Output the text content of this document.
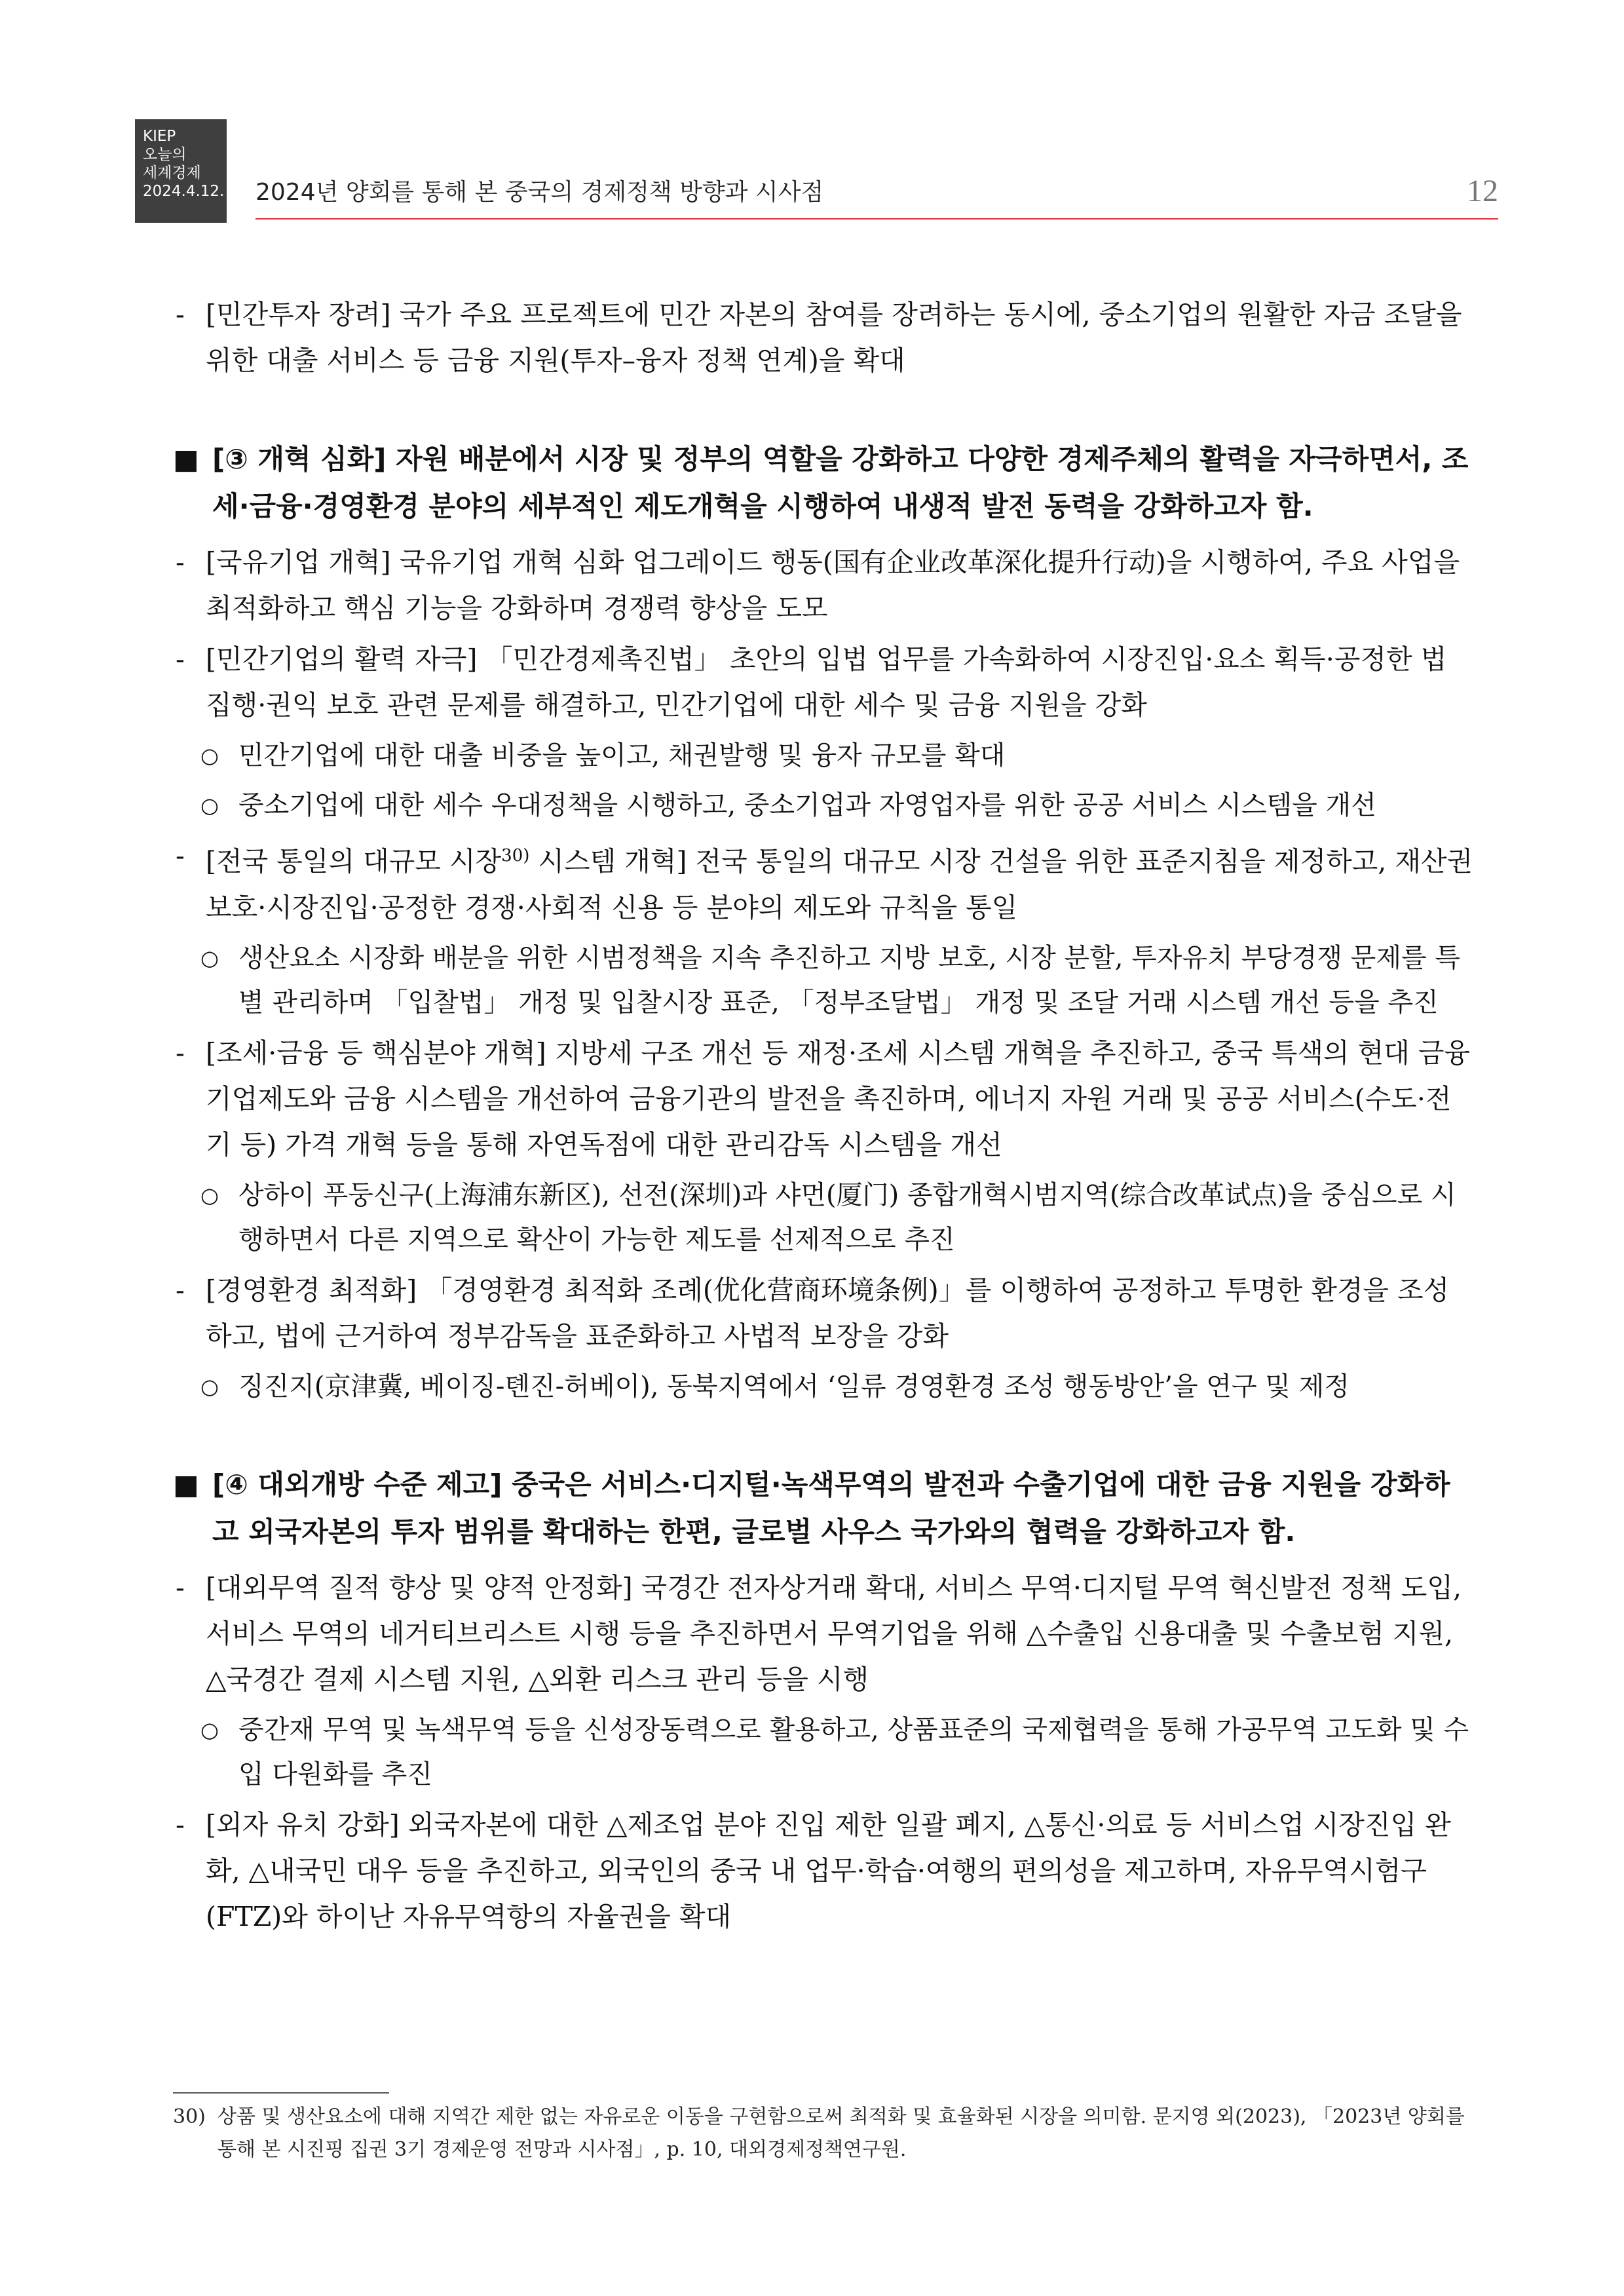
KIEP
오늘의
세계경제
2024.4.12. 2024년 양회를 통해 본 중국의 경제정책 방향과 시사점	12
- [민간투자 장려] 국가 주요 프로젝트에 민간 자본의 참여를 장려하는 동시에, 중소기업의 원활한 자금 조달을 위한 대출 서비스 등 금융 지원(투자–융자 정책 연계)을 확대
■ [③ 개혁 심화] 자원 배분에서 시장 및 정부의 역할을 강화하고 다양한 경제주체의 활력을 자극하면서, 조세·금융·경영환경 분야의 세부적인 제도개혁을 시행하여 내생적 발전 동력을 강화하고자 함.
- [국유기업 개혁] 국유기업 개혁 심화 업그레이드 행동(国有企业改革深化提升行动)을 시행하여, 주요 사업을 최적화하고 핵심 기능을 강화하며 경쟁력 향상을 도모
- [민간기업의 활력 자극] 「민간경제촉진법」 초안의 입법 업무를 가속화하여 시장진입·요소 획득·공정한 법 집행·권익 보호 관련 문제를 해결하고, 민간기업에 대한 세수 및 금융 지원을 강화
○ 민간기업에 대한 대출 비중을 높이고, 채권발행 및 융자 규모를 확대
○ 중소기업에 대한 세수 우대정책을 시행하고, 중소기업과 자영업자를 위한 공공 서비스 시스템을 개선
- [전국 통일의 대규모 시장$^{30)}$ 시스템 개혁] 전국 통일의 대규모 시장 건설을 위한 표준지침을 제정하고, 재산권 보호·시장진입·공정한 경쟁·사회적 신용 등 분야의 제도와 규칙을 통일
○ 생산요소 시장화 배분을 위한 시범정책을 지속 추진하고 지방 보호, 시장 분할, 투자유치 부당경쟁 문제를 특별 관리하며 「입찰법」 개정 및 입찰시장 표준, 「정부조달법」 개정 및 조달 거래 시스템 개선 등을 추진
- [조세·금융 등 핵심분야 개혁] 지방세 구조 개선 등 재정·조세 시스템 개혁을 추진하고, 중국 특색의 현대 금융기업제도와 금융 시스템을 개선하여 금융기관의 발전을 촉진하며, 에너지 자원 거래 및 공공 서비스(수도·전기 등) 가격 개혁 등을 통해 자연독점에 대한 관리감독 시스템을 개선
○ 상하이 푸둥신구(上海浦东新区), 선전(深圳)과 샤먼(厦门) 종합개혁시범지역(综合改革试点)을 중심으로 시행하면서 다른 지역으로 확산이 가능한 제도를 선제적으로 추진
- [경영환경 최적화] 「경영환경 최적화 조례(优化营商环境条例)」를 이행하여 공정하고 투명한 환경을 조성하고, 법에 근거하여 정부감독을 표준화하고 사법적 보장을 강화
○ 징진지(京津冀, 베이징-톈진-허베이), 동북지역에서 ‘일류 경영환경 조성 행동방안’을 연구 및 제정
■ [④ 대외개방 수준 제고] 중국은 서비스·디지털·녹색무역의 발전과 수출기업에 대한 금융 지원을 강화하고 외국자본의 투자 범위를 확대하는 한편, 글로벌 사우스 국가와의 협력을 강화하고자 함.
- [대외무역 질적 향상 및 양적 안정화] 국경간 전자상거래 확대, 서비스 무역·디지털 무역 혁신발전 정책 도입, 서비스 무역의 네거티브리스트 시행 등을 추진하면서 무역기업을 위해 △수출입 신용대출 및 수출보험 지원, △국경간 결제 시스템 지원, △외환 리스크 관리 등을 시행
○ 중간재 무역 및 녹색무역 등을 신성장동력으로 활용하고, 상품표준의 국제협력을 통해 가공무역 고도화 및 수입 다원화를 추진
- [외자 유치 강화] 외국자본에 대한 △제조업 분야 진입 제한 일괄 폐지, △통신·의료 등 서비스업 시장진입 완화, △내국민 대우 등을 추진하고, 외국인의 중국 내 업무·학습·여행의 편의성을 제고하며, 자유무역시험구(FTZ)와 하이난 자유무역항의 자율권을 확대
30) 상품 및 생산요소에 대해 지역간 제한 없는 자유로운 이동을 구현함으로써 최적화 및 효율화된 시장을 의미함. 문지영 외(2023), 「2023년 양회를 통해 본 시진핑 집권 3기 경제운영 전망과 시사점」, p. 10, 대외경제정책연구원.
